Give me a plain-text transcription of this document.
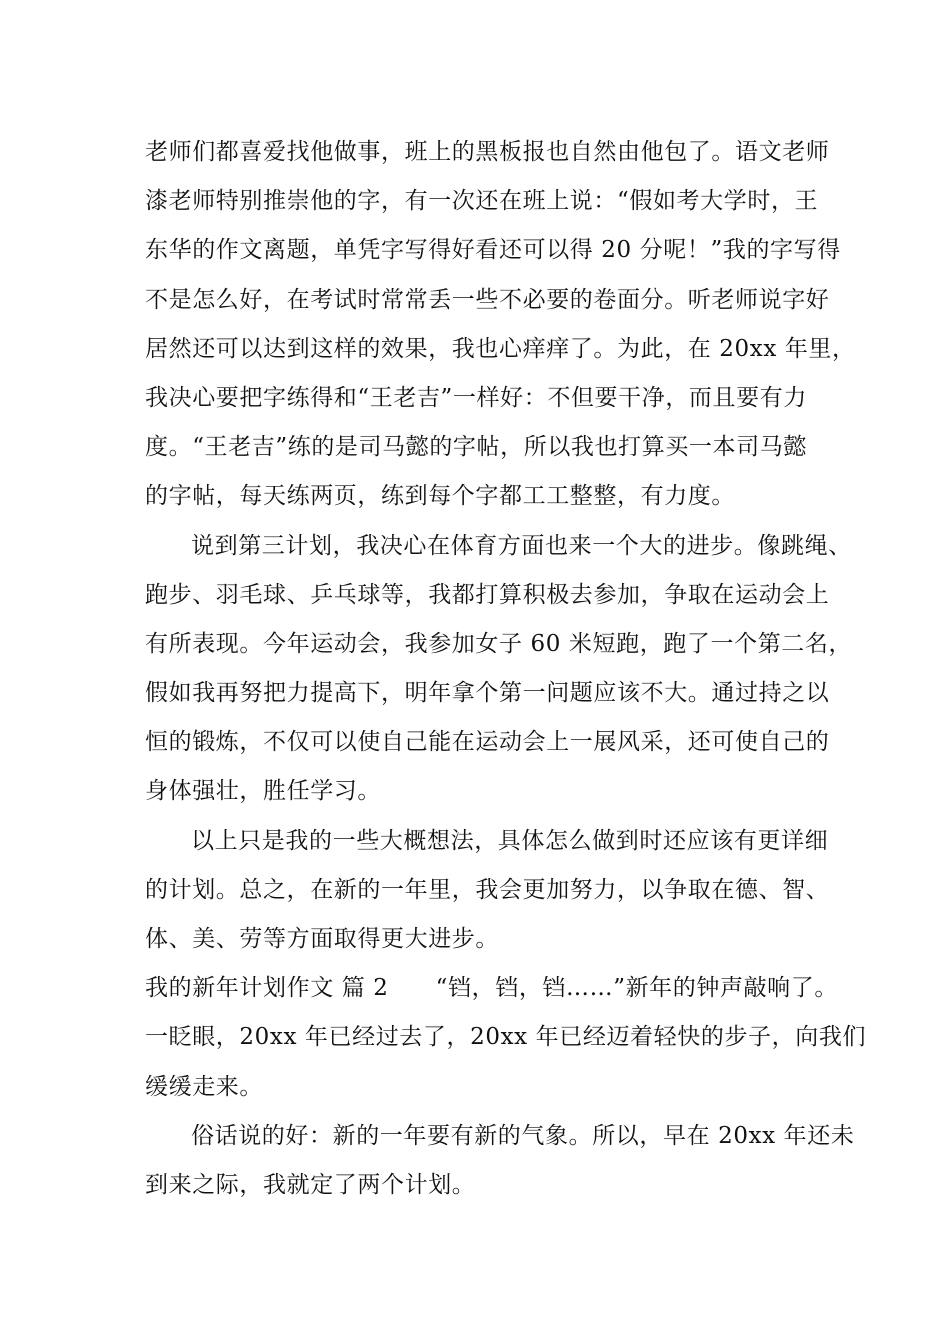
老师们都喜爱找他做事，班上的黑板报也自然由他包了。语文老师
漆老师特别推崇他的字，有一次还在班上说：“假如考大学时，王
东华的作文离题，单凭字写得好看还可以得 20 分呢！”我的字写得
不是怎么好，在考试时常常丢一些不必要的卷面分。听老师说字好
居然还可以达到这样的效果，我也心痒痒了。为此，在 20xx 年里，
我决心要把字练得和“王老吉”一样好：不但要干净，而且要有力
度。“王老吉”练的是司马懿的字帖，所以我也打算买一本司马懿
的字帖，每天练两页，练到每个字都工工整整，有力度。
说到第三计划，我决心在体育方面也来一个大的进步。像跳绳、
跑步、羽毛球、乒乓球等，我都打算积极去参加，争取在运动会上
有所表现。今年运动会，我参加女子 60 米短跑，跑了一个第二名，
假如我再努把力提高下，明年拿个第一问题应该不大。通过持之以
恒的锻炼，不仅可以使自己能在运动会上一展风采，还可使自己的
身体强壮，胜任学习。
以上只是我的一些大概想法，具体怎么做到时还应该有更详细
的计划。总之，在新的一年里，我会更加努力，以争取在德、智、
体、美、劳等方面取得更大进步。
我的新年计划作文 篇 2　　“铛，铛，铛……”新年的钟声敲响了。
一眨眼，20xx 年已经过去了，20xx 年已经迈着轻快的步子，向我们
缓缓走来。
俗话说的好：新的一年要有新的气象。所以，早在 20xx 年还未
到来之际，我就定了两个计划。
